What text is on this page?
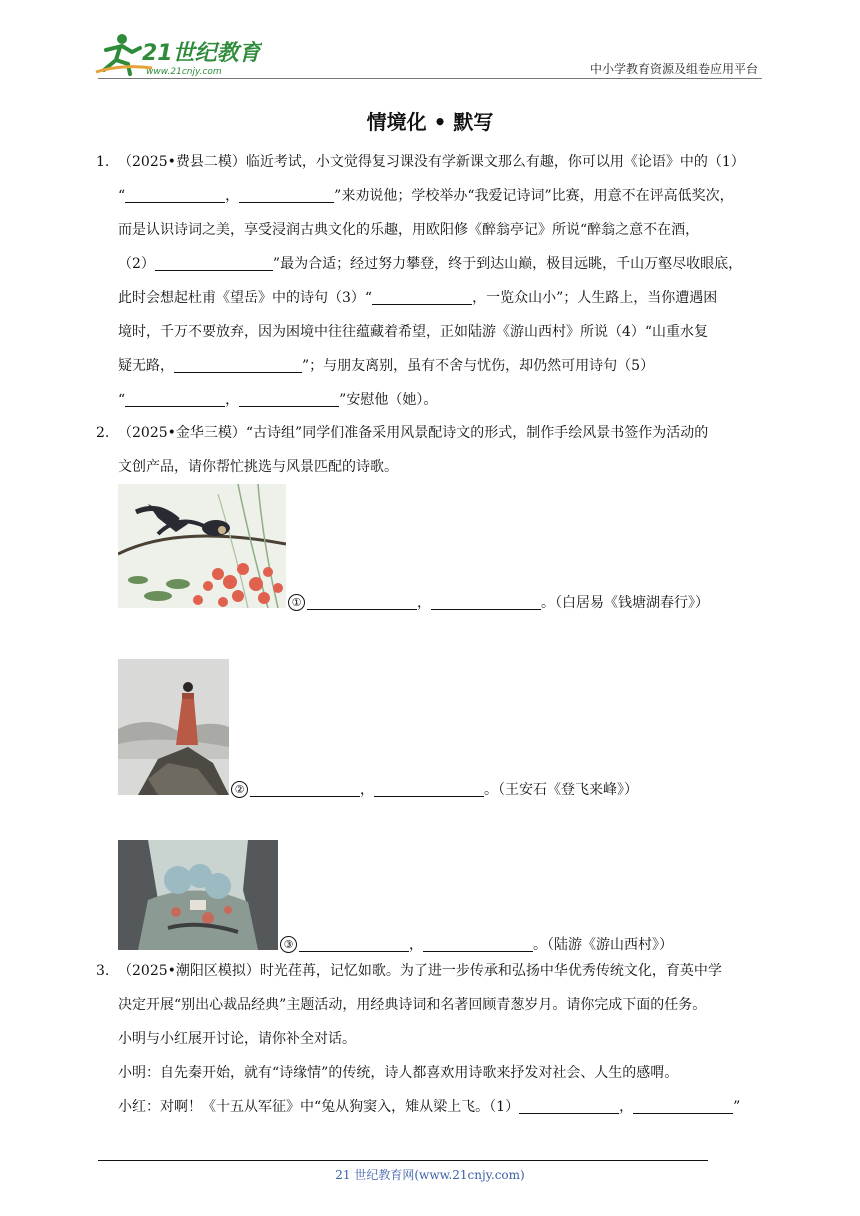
21世纪教育
www.21cnjy.com	中小学教育资源及组卷应用平台
情境化 • 默写
1. （2025•费县二模）临近考试，小文觉得复习课没有学新课文那么有趣，你可以用《论语》中的（1）

“	，	”来劝说他；学校举办“我爱记诗词”比赛，用意不在评高低奖次，

而是认识诗词之美，享受浸润古典文化的乐趣，用欧阳修《醉翁亭记》所说“醉翁之意不在酒，

（2）	”最为合适；经过努力攀登，终于到达山巅，极目远眺，千山万壑尽收眼底，

此时会想起杜甫《望岳》中的诗句（3）“	，一览众山小”；人生路上，当你遭遇困

境时，千万不要放弃，因为困境中往往蕴藏着希望，正如陆游《游山西村》所说（4）“山重水复

疑无路，	”；与朋友离别，虽有不舍与忧伤，却仍然可用诗句（5）

“	，	”安慰他（她）。

2. （2025•金华三模）“古诗组”同学们准备采用风景配诗文的形式，制作手绘风景书签作为活动的

文创产品，请你帮忙挑选与风景匹配的诗歌。

①	，	。（白居易《钱塘湖春行》）
②	，	。（王安石《登飞来峰》）
③	，	。（陆游《游山西村》）
3. （2025•潮阳区模拟）时光荏苒，记忆如歌。为了进一步传承和弘扬中华优秀传统文化，育英中学

决定开展“别出心裁品经典”主题活动，用经典诗词和名著回顾青葱岁月。请你完成下面的任务。

小明与小红展开讨论，请你补全对话。

小明：自先秦开始，就有“诗缘情”的传统，诗人都喜欢用诗歌来抒发对社会、人生的感喟。

小红：对啊！《十五从军征》中“兔从狗窦入，雉从梁上飞。（1）	，	”

21 世纪教育网(www.21cnjy.com)
